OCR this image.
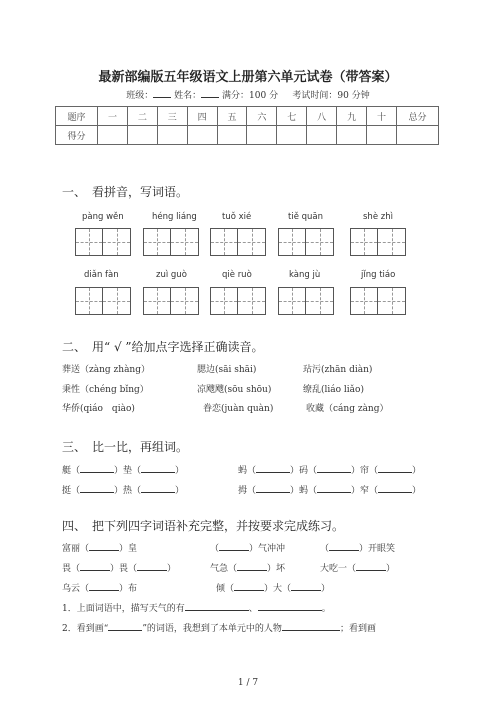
最新部编版五年级语文上册第六单元试卷（带答案）
班级： 姓名： 满分：100 分 考试时间：90 分钟
题序	一	二	三	四	五	六	七	八	九	十	总分
得分											
一、　看拼音，写词语。
pàng wěn	héng liáng	tuǒ xié	tiě quān	shè zhì
diǎn fàn	zuì guò	qiè ruò	kàng jù	jǐng tiáo
二、　用“ √ ”给加点字选择正确读音。
葬送（zàng zhàng）	腮边(sāi shāi)	玷污(zhān diàn)
秉性（chéng bǐng）	凉飕飕(sōu shōu)	缭乱(liáo liǎo)
华侨(qiáo　qiào)	眷恋(juàn quàn)	收藏（cáng zàng）
三、　比一比，再组词。
艇（	）垫（	）	蚂（	）码（	）帘（	）
挺（	）热（	）	拇（	）蚂（	）窄（	）
四、　把下列四字词语补充完整，并按要求完成练习。
富丽（	）皇	（	）气冲冲	（	）开眼笑
畏（	）畏（	）	气急（	）坏	大吃一（	）
乌云（	）布	倾（	）大（	）
1．上面词语中，描写天气的有	、	。
2．看到画“	”的词语，我想到了本单元中的人物	；看到画
1 / 7
